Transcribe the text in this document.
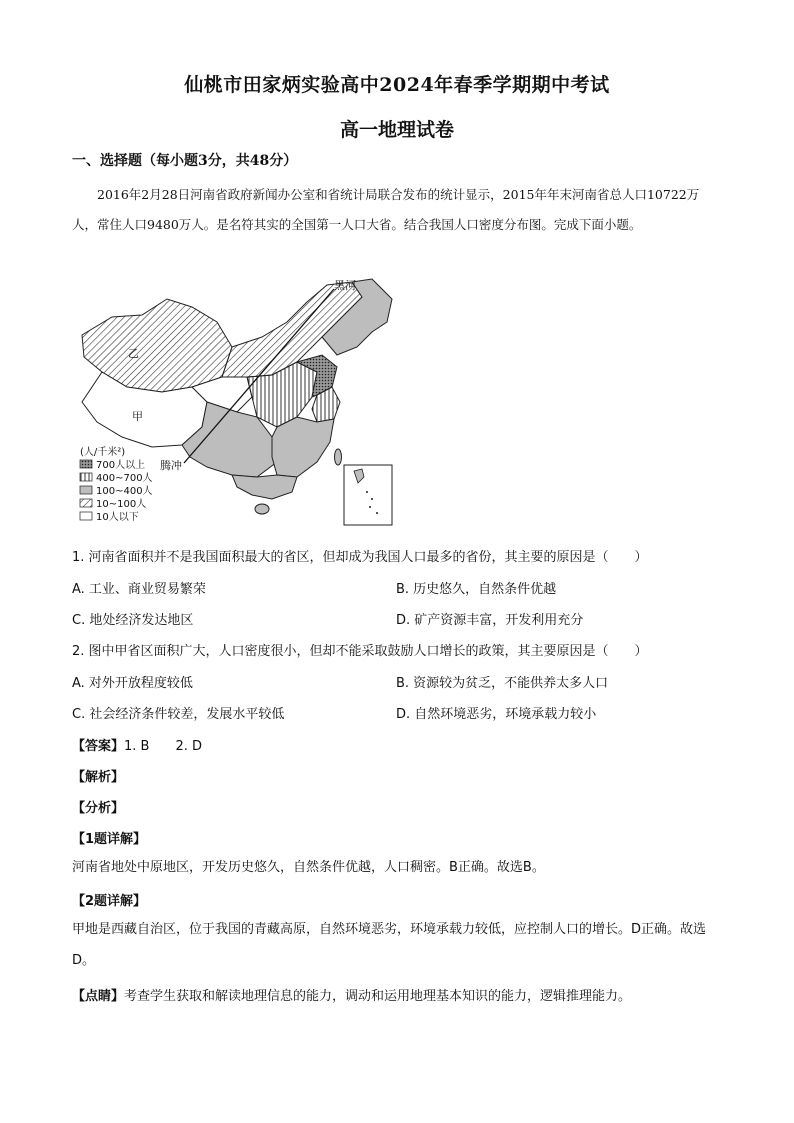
仙桃市田家炳实验高中2024年春季学期期中考试
高一地理试卷
一、选择题（每小题3分，共48分）
2016年2月28日河南省政府新闻办公室和省统计局联合发布的统计显示，2015年年末河南省总人口10722万人，常住人口9480万人。是名符其实的全国第一人口大省。结合我国人口密度分布图。完成下面小题。
黑河
腾冲
乙
甲
(人/千米²)
700人以上
400~700人
100~400人
10~100人
10人以下
1. 河南省面积并不是我国面积最大的省区，但却成为我国人口最多的省份，其主要的原因是（　　）
A. 工业、商业贸易繁荣	B. 历史悠久，自然条件优越
C. 地处经济发达地区	D. 矿产资源丰富，开发利用充分
2. 图中甲省区面积广大，人口密度很小，但却不能采取鼓励人口增长的政策，其主要原因是（　　）
A. 对外开放程度较低	B. 资源较为贫乏，不能供养太多人口
C. 社会经济条件较差，发展水平较低	D. 自然环境恶劣，环境承载力较小
【答案】1. B　　2. D
【解析】
【分析】
【1题详解】
河南省地处中原地区，开发历史悠久，自然条件优越，人口稠密。B正确。故选B。
【2题详解】
甲地是西藏自治区，位于我国的青藏高原，自然环境恶劣，环境承载力较低，应控制人口的增长。D正确。故选D。
【点睛】考查学生获取和解读地理信息的能力，调动和运用地理基本知识的能力，逻辑推理能力。
